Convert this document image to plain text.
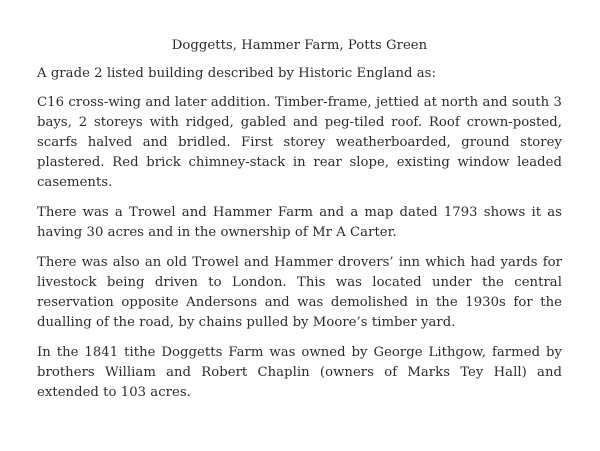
Doggetts, Hammer Farm, Potts Green

A grade 2 listed building described by Historic England as:

C16 cross-wing and later addition. Timber-frame, jettied at north and south 3 bays, 2 storeys with ridged, gabled and peg-tiled roof. Roof crown-posted, scarfs halved and bridled. First storey weatherboarded, ground storey plastered. Red brick chimney-stack in rear slope, existing window leaded casements.

There was a Trowel and Hammer Farm and a map dated 1793 shows it as having 30 acres and in the ownership of Mr A Carter.

There was also an old Trowel and Hammer drovers’ inn which had yards for livestock being driven to London. This was located under the central reservation opposite Andersons and was demolished in the 1930s for the dualling of the road, by chains pulled by Moore’s timber yard.

In the 1841 tithe Doggetts Farm was owned by George Lithgow, farmed by brothers William and Robert Chaplin (owners of Marks Tey Hall) and extended to 103 acres.
